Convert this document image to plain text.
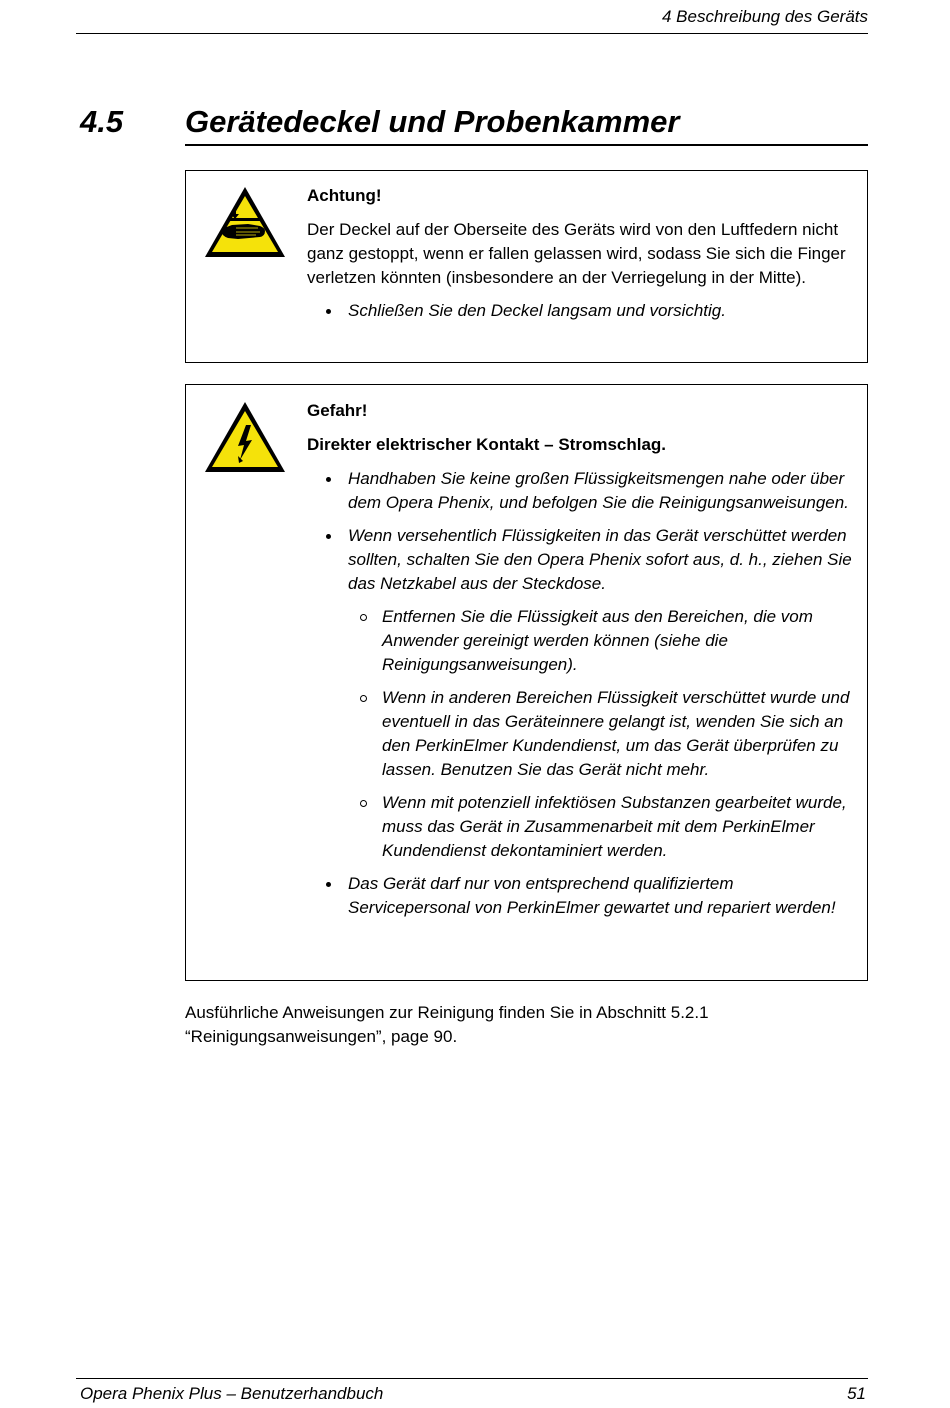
4 Beschreibung des Geräts
4.5 Gerätedeckel und Probenkammer
Achtung!
Der Deckel auf der Oberseite des Geräts wird von den Luftfedern nicht ganz gestoppt, wenn er fallen gelassen wird, sodass Sie sich die Finger verletzen könnten (insbesondere an der Verriegelung in der Mitte).
Schließen Sie den Deckel langsam und vorsichtig.
Gefahr!
Direkter elektrischer Kontakt – Stromschlag.
Handhaben Sie keine großen Flüssigkeitsmengen nahe oder über dem Opera Phenix, und befolgen Sie die Reinigungsanweisungen.
Wenn versehentlich Flüssigkeiten in das Gerät verschüttet werden sollten, schalten Sie den Opera Phenix sofort aus, d. h., ziehen Sie das Netzkabel aus der Steckdose.
Entfernen Sie die Flüssigkeit aus den Bereichen, die vom Anwender gereinigt werden können (siehe die Reinigungsanweisungen).
Wenn in anderen Bereichen Flüssigkeit verschüttet wurde und eventuell in das Geräteinnere gelangt ist, wenden Sie sich an den PerkinElmer Kundendienst, um das Gerät überprüfen zu lassen. Benutzen Sie das Gerät nicht mehr.
Wenn mit potenziell infektiösen Substanzen gearbeitet wurde, muss das Gerät in Zusammenarbeit mit dem PerkinElmer Kundendienst dekontaminiert werden.
Das Gerät darf nur von entsprechend qualifiziertem Servicepersonal von PerkinElmer gewartet und repariert werden!
Ausführliche Anweisungen zur Reinigung finden Sie in Abschnitt 5.2.1 “Reinigungsanweisungen”, page 90.
Opera Phenix Plus – Benutzerhandbuch	51
